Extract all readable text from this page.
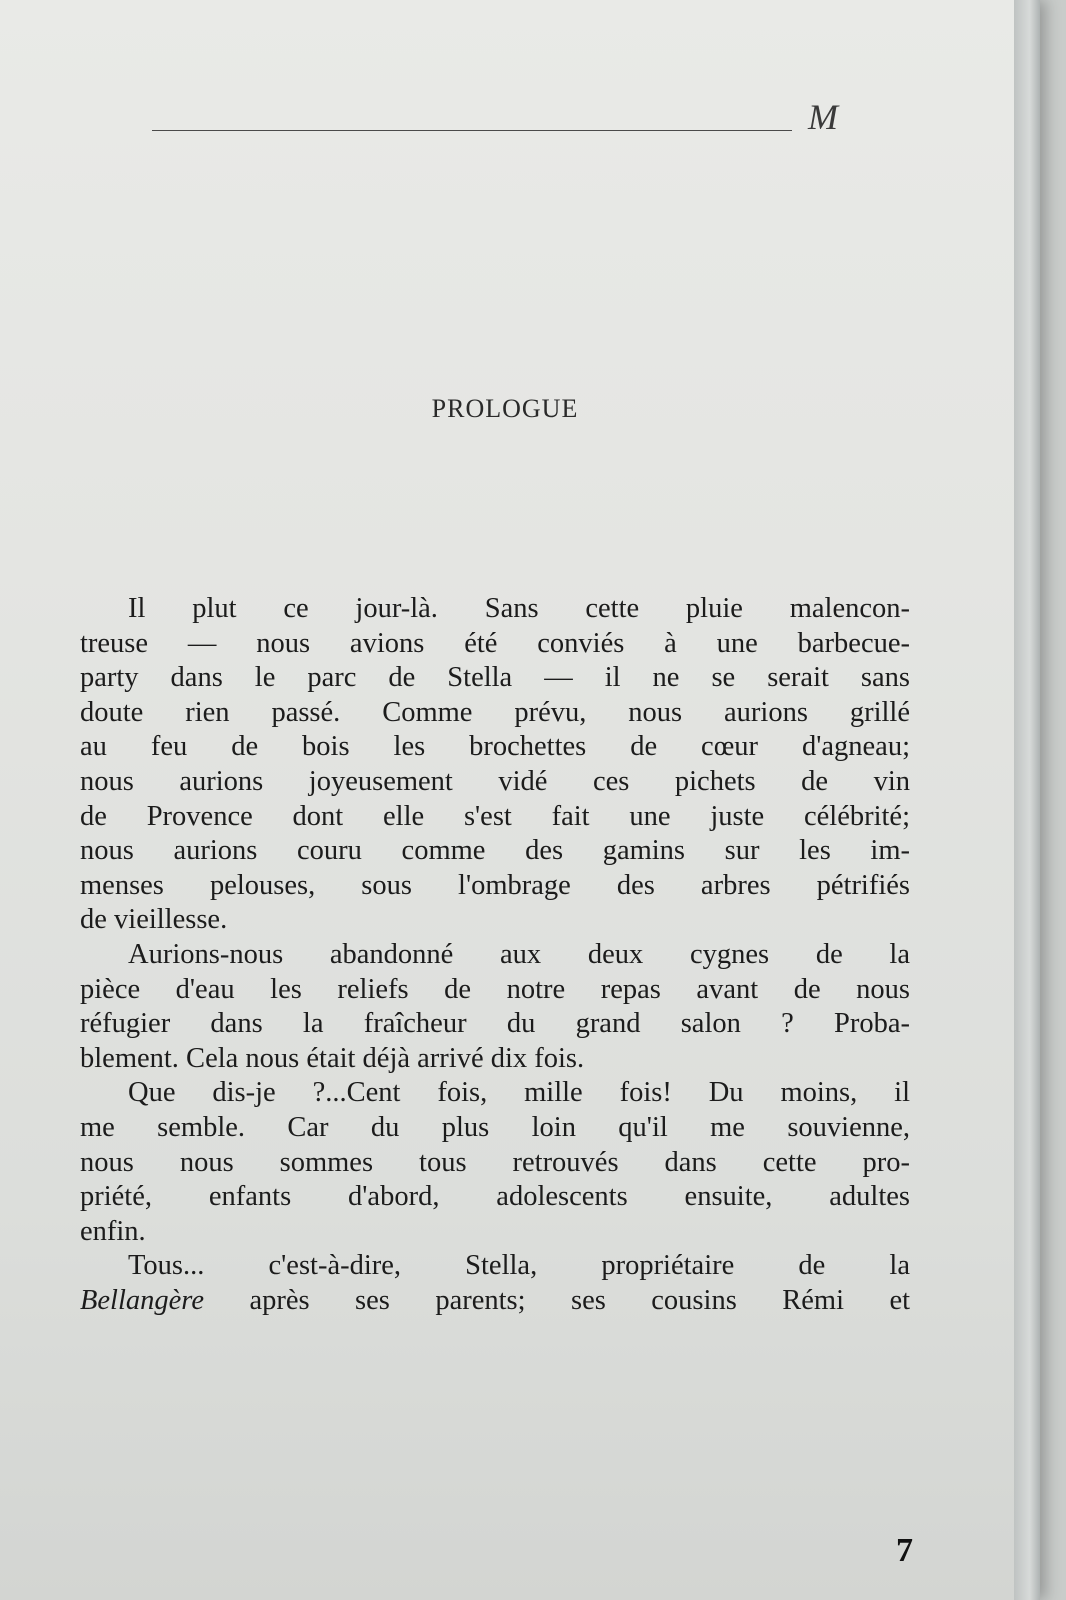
M
PROLOGUE
Il plut ce jour-là. Sans cette pluie malencon-
treuse — nous avions été conviés à une barbecue-
party dans le parc de Stella — il ne se serait sans
doute rien passé. Comme prévu, nous aurions grillé
au feu de bois les brochettes de cœur d'agneau;
nous aurions joyeusement vidé ces pichets de vin
de Provence dont elle s'est fait une juste célébrité;
nous aurions couru comme des gamins sur les im-
menses pelouses, sous l'ombrage des arbres pétrifiés
de vieillesse.
Aurions-nous abandonné aux deux cygnes de la
pièce d'eau les reliefs de notre repas avant de nous
réfugier dans la fraîcheur du grand salon ? Proba-
blement. Cela nous était déjà arrivé dix fois.
Que dis-je ?...Cent fois, mille fois! Du moins, il
me semble. Car du plus loin qu'il me souvienne,
nous nous sommes tous retrouvés dans cette pro-
priété, enfants d'abord, adolescents ensuite, adultes
enfin.
Tous... c'est-à-dire, Stella, propriétaire de la
Bellangère après ses parents; ses cousins Rémi et
7
